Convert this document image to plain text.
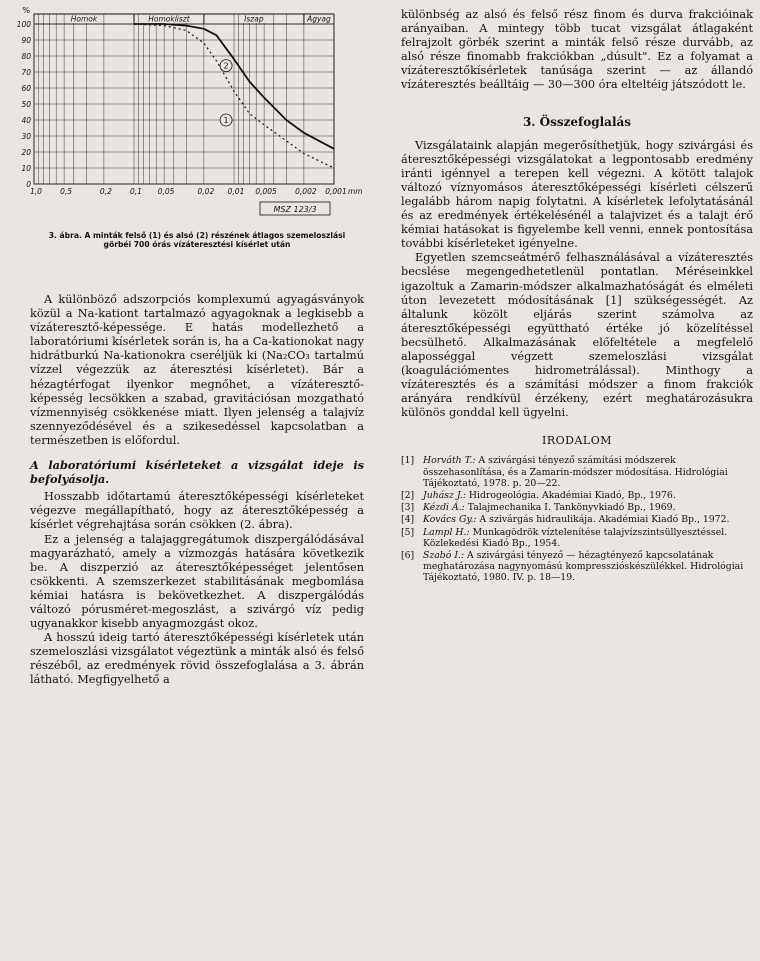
100
90
80
70
60
50
40
30
20
10
0
%
Homok	Homokliszt	Iszap	Agyag
1,0 0,5	0,2 0,1 0,05	0,02 0,01 0,005 0,002 0,001 mm
1
2
MSZ 123/3
3. ábra. A minták felső (1) és alsó (2) részének átlagos szemeloszlási görbéi 700 órás vízáteresztési kísérlet után

A különböző adszorpciós komplexumú agyagásványok közül a Na-kationt tartalmazó agyagoknak a legkisebb a vízáteresztő-képessége. E hatás modellezhető a laboratóriumi kísérletek során is, ha a Ca-kationokat nagy hidrátburkú Na-kationokra cseréljük ki (Na₂CO₃ tartalmú vízzel végezzük az áteresztési kísérletet). Bár a hézagtérfogat ilyenkor megnőhet, a vízáteresztő-képesség lecsökken a szabad, gravitációsan mozgatható vízmennyiség csökkenése miatt. Ilyen jelenség a talajvíz szennyeződésével és a szikesedéssel kapcsolatban a természetben is előfordul.

A laboratóriumi kísérleteket a vizsgálat ideje is befolyásolja.

Hosszabb időtartamú áteresztőképességi kísérleteket végezve megállapítható, hogy az áteresztőképesség a kísérlet végrehajtása során csökken (2. ábra).

Ez a jelenség a talajaggregátumok diszpergálódásával magyarázható, amely a vízmozgás hatására következik be. A diszperzió az áteresztőképességet jelentősen csökkenti. A szemszerkezet stabilitásának megbomlása kémiai hatásra is bekövetkezhet. A diszpergálódás változó pórusméret-megoszlást, a szivárgó víz pedig ugyanakkor kisebb anyagmozgást okoz.

A hosszú ideig tartó áteresztőképességi kísérletek után szemeloszlási vizsgálatot végeztünk a minták alsó és felső részéből, az eredmények rövid összefoglalása a 3. ábrán látható. Megfigyelhető a

különbség az alsó és felső rész finom és durva frakcióinak arányaiban. A mintegy több tucat vizsgálat átlagaként felrajzolt görbék szerint a minták felső része durvább, az alsó része finomabb frakciókban „dúsult". Ez a folyamat a vízáteresztőkísérletek tanúsága szerint — az állandó vízáteresztés beálltáig — 30—300 óra elteltéig játszódott le.

3. Összefoglalás

Vizsgálataink alapján megerősíthetjük, hogy szivárgási és áteresztőképességi vizsgálatokat a legpontosabb eredmény iránti igénnyel a terepen kell végezni. A kötött talajok változó víznyomásos áteresztőképességi kísérleti célszerű legalább három napig folytatni. A kísérletek lefolytatásánál és az eredmények értékelésénél a talajvizet és a talajt érő kémiai hatásokat is figyelembe kell venni, ennek pontosítása további kísérleteket igényelne.

Egyetlen szemcseátmérő felhasználásával a vízáteresztés becslése megengedhetetlenül pontatlan. Méréseinkkel igazoltuk a Zamarin-módszer alkalmazhatóságát és elméleti úton levezetett módosításának [1] szükségességét. Az általunk közölt eljárás szerint számolva az áteresztőképességi együttható értéke jó közelítéssel becsülhető. Alkalmazásának előfeltétele a megfelelő alaposséggal végzett szemeloszlási vizsgálat (koagulációmentes hidrometrálással). Minthogy a vízáteresztés és a számítási módszer a finom frakciók arányára rendkívül érzékeny, ezért meghatározásukra különös gonddal kell ügyelni.

IRODALOM
[1] Horváth T.: A szivárgási tényező számítási módszerek összehasonlítása, és a Zamarin-módszer módosítása. Hidrológiai Tájékoztató, 1978. p. 20—22.
[2] Juhász J.: Hidrogeológia. Akadémiai Kiadó, Bp., 1976.
[3] Kézdi Á.: Talajmechanika I. Tankönyvkiadó Bp., 1969.
[4] Kovács Gy.: A szivárgás hidraulikája. Akadémiai Kiadó Bp., 1972.
[5] Lampl H.: Munkagödrök víztelenítése talajvízszintsüllyesztéssel. Közlekedési Kiadó Bp., 1954.
[6] Szabó I.: A szivárgási tényező — hézagtényező kapcsolatának meghatározása nagynyomású kompresszióskészülékkel. Hidrológiai Tájékoztató, 1980. IV. p. 18—19.
